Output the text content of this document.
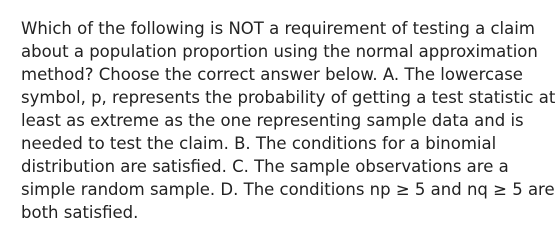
Which of the following is NOT a requirement of testing a claim
about a population proportion using the normal approximation
method? Choose the correct answer below. A. The lowercase
symbol, p, represents the probability of getting a test statistic at
least as extreme as the one representing sample data and is
needed to test the claim. B. The conditions for a binomial
distribution are satisfied. C. The sample observations are a
simple random sample. D. The conditions np ≥ 5 and nq ≥ 5 are
both satisfied.
